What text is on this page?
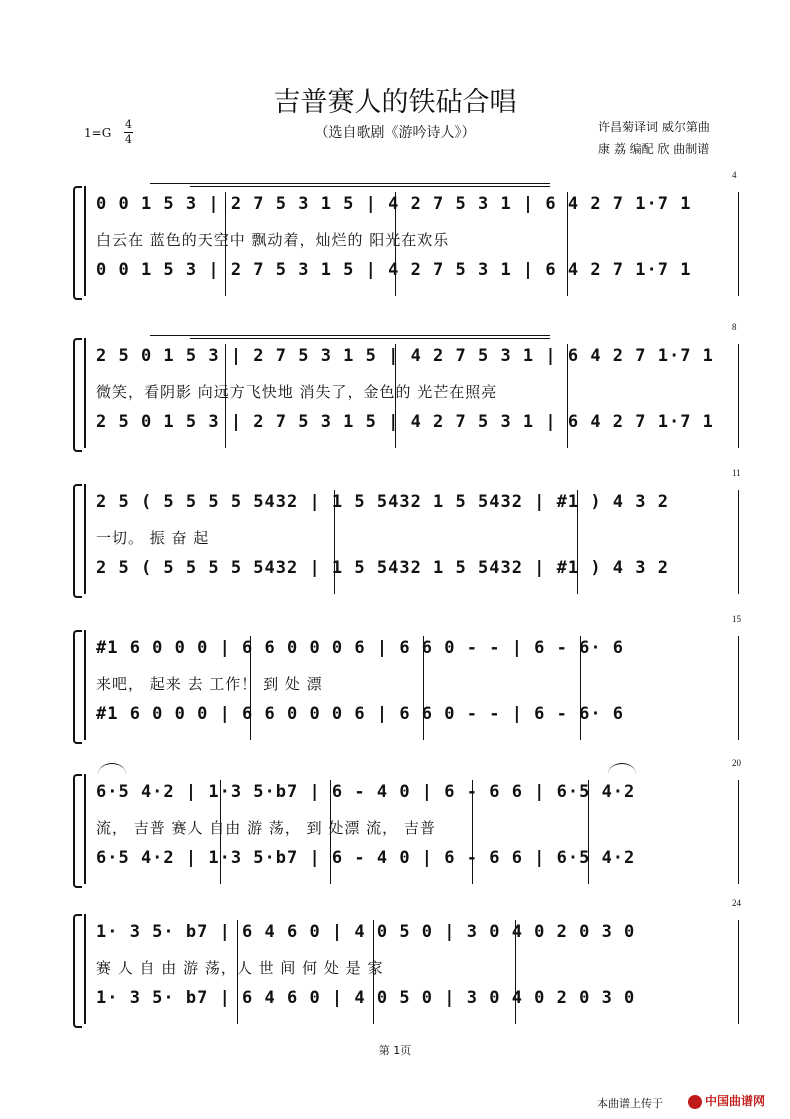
吉普赛人的铁砧合唱
（选自歌剧《游吟诗人》）
1=G
4
4
许昌菊译词 威尔第曲
康 荔 编配 欣 曲制谱
4
0 0 1 5 3 | 2 7 5 3 1 5 | 4 2 7 5 3 1 | 6 4 2 7 1·7 1
白云在 蓝色的天空中 飘动着，灿烂的 阳光在欢乐
0 0 1 5 3 | 2 7 5 3 1 5 | 4 2 7 5 3 1 | 6 4 2 7 1·7 1
8
2 5 0 1 5 3 | 2 7 5 3 1 5 | 4 2 7 5 3 1 | 6 4 2 7 1·7 1
微笑，看阴影 向远方飞快地 消失了，金色的 光芒在照亮
2 5 0 1 5 3 | 2 7 5 3 1 5 | 4 2 7 5 3 1 | 6 4 2 7 1·7 1
11
2 5 ( 5 5 5 5 5432 | 1 5 5432 1 5 5432 | #1 ) 4 3 2
一切。 振 奋 起
2 5 ( 5 5 5 5 5432 | 1 5 5432 1 5 5432 | #1 ) 4 3 2
15
#1 6 0 0 0 | 6 6 0 0 0 6 | 6 6 0 - - | 6 - 6· 6
来吧， 起来 去 工作！ 到 处 漂
#1 6 0 0 0 | 6 6 0 0 0 6 | 6 6 0 - - | 6 - 6· 6
20
6·5 4·2 | 1·3 5·b7 | 6 - 4 0 | 6 - 6 6 | 6·5 4·2
流， 吉普 赛人 自由 游 荡， 到 处漂 流， 吉普
6·5 4·2 | 1·3 5·b7 | 6 - 4 0 | 6 - 6 6 | 6·5 4·2
24
1· 3 5· b7 | 6 4 6 0 | 4 0 5 0 | 3 0 4 0 2 0 3 0
赛 人 自 由 游 荡，人 世 间 何 处 是 家
1· 3 5· b7 | 6 4 6 0 | 4 0 5 0 | 3 0 4 0 2 0 3 0
第 1页
本曲谱上传于	中国曲谱网
